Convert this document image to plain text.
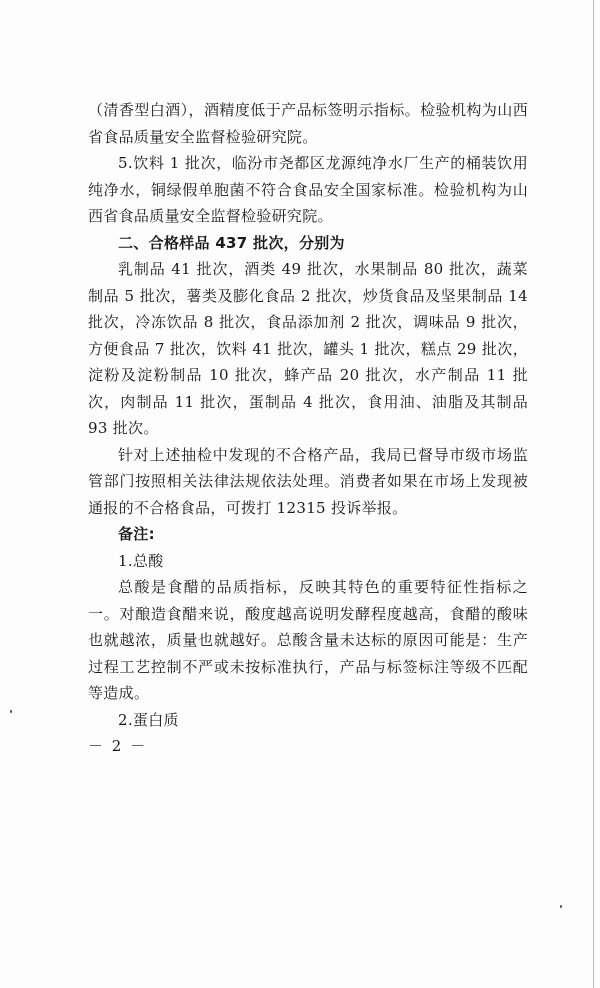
（清香型白酒），酒精度低于产品标签明示指标。检验机构为山西省食品质量安全监督检验研究院。

5.饮料 1 批次，临汾市尧都区龙源纯净水厂生产的桶装饮用纯净水，铜绿假单胞菌不符合食品安全国家标准。检验机构为山西省食品质量安全监督检验研究院。

二、合格样品 437 批次，分别为

乳制品 41 批次，酒类 49 批次，水果制品 80 批次，蔬菜制品 5 批次，薯类及膨化食品 2 批次，炒货食品及坚果制品 14 批次，冷冻饮品 8 批次，食品添加剂 2 批次，调味品 9 批次，方便食品 7 批次，饮料 41 批次，罐头 1 批次，糕点 29 批次，淀粉及淀粉制品 10 批次，蜂产品 20 批次，水产制品 11 批次，肉制品 11 批次，蛋制品 4 批次，食用油、油脂及其制品 93 批次。

针对上述抽检中发现的不合格产品，我局已督导市级市场监管部门按照相关法律法规依法处理。消费者如果在市场上发现被通报的不合格食品，可拨打 12315 投诉举报。

备注:

1.总酸

总酸是食醋的品质指标，反映其特色的重要特征性指标之一。对酿造食醋来说，酸度越高说明发酵程度越高，食醋的酸味也就越浓，质量也就越好。总酸含量未达标的原因可能是：生产过程工艺控制不严或未按标准执行，产品与标签标注等级不匹配等造成。

2.蛋白质

－ 2 －
